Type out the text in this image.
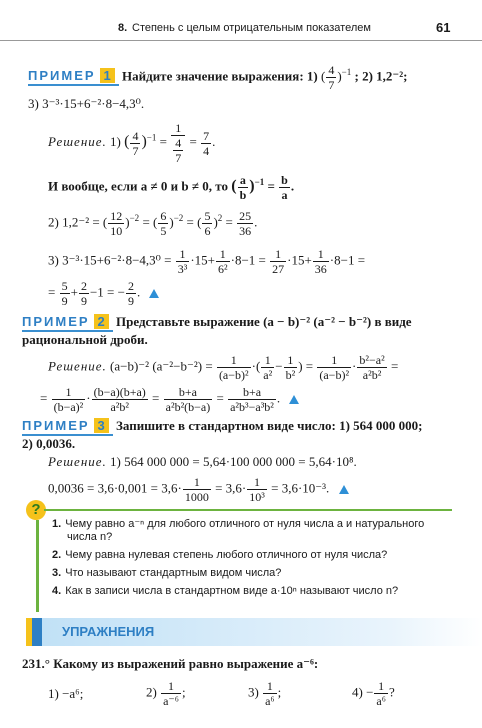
8. Степень с целым отрицательным показателем	61
ПРИМЕР 1 Найдите значение выражения: 1) ( $\frac{4}{7} )^{-1}$ ; 2) 1,2⁻²;
3) 3⁻³·15+6⁻²·8−4,3⁰.
Решение. 1) ( $\frac{4}{7} )^{-1} = \frac{1}{\frac{4}{7}} = \frac{7}{4}$ .
И вообще, если a ≠ 0 и b ≠ 0, то ( $\frac{a}{b} )^{-1} = \frac{b}{a}$ .
2) 1,2⁻² = ( $\frac{12}{10} )^{-2}$ = ( $\frac{6}{5} )^{-2}$ = ( $\frac{5}{6} )^2 = \frac{25}{36}$ .
3) $3^{-3}\cdot 15+6^{-2}\cdot 8-4,3^0 = \frac{1}{\text{3³}} \cdot 15+ \frac{1}{\text{6²}} \cdot 8-1 = \frac{1}{27} \cdot 15+ \frac{1}{36} \cdot 8-1$ =
= $\frac{5}{9} + \frac{2}{9} -1$ = − $\frac{2}{9}$ .
ПРИМЕР 2 Представьте выражение (a − b)⁻² (a⁻² − b⁻²) в виде
рациональной дроби.
Решение. (a−b)⁻² $(a^{-2}-b^{-2}) = \frac{1}{\text{(a−b)²}}$ ·( $\frac{1}{\text{a²}} - \frac{1}{\text{b²}}$ ) = $\frac{1}{\text{(a−b)²}} \cdot \frac{\text{b²−a²}}{\text{a²b²}}$ =
= $\frac{1}{\text{(b−a)²}} \cdot \frac{(b-a)(b+a)}{\text{a²b²}} = \frac{b+a}{\text{a²b²(b−a)}} = \frac{b+a}{\text{a²b³−a³b²}}$ .
ПРИМЕР 3 Запишите в стандартном виде число: 1) 564 000 000;
2) 0,0036.
Решение. 1) 564 000 000 = 5,64·100 000 000 = 5,64·10⁸.
$0,0036 = 3,6\cdot 0,001 = 3,6\cdot \frac{1}{1000} = 3,6\cdot \frac{1}{\text{10³}} = 3,6\cdot 10^{-3}$.
?
1. Чему равно a⁻ⁿ для любого отличного от нуля числа a и натурального
числа n?
2. Чему равна нулевая степень любого отличного от нуля числа?
3. Что называют стандартным видом числа?
4. Как в записи числа в стандартном виде a·10ⁿ называют число n?
УПРАЖНЕНИЯ
231.° Какому из выражений равно выражение a⁻⁶:
1) −a⁶;	$2) \frac{1}{\text{a⁻⁶}}$ ;	$3) \frac{1}{\text{a⁶}}$ ;	$4) - \frac{1}{\text{a⁶}}$ ?
